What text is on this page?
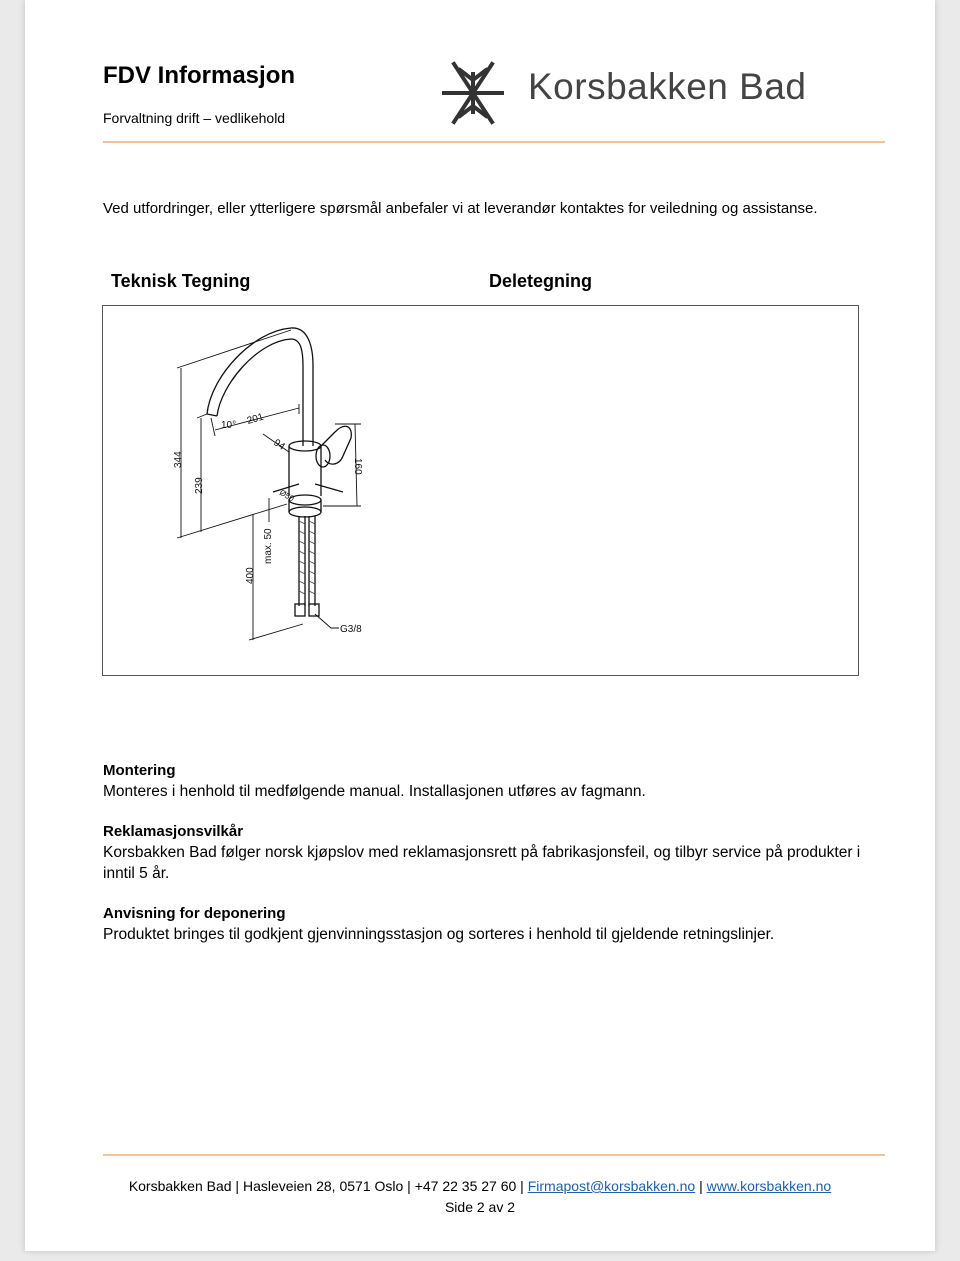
FDV Informasjon
Forvaltning drift – vedlikehold
Korsbakken Bad
Ved utfordringer, eller ytterligere spørsmål anbefaler vi at leverandør kontaktes for veiledning og assistanse.
Teknisk Tegning	Deletegning
10° 201
344
239
94
160
Ø50
400
max. 50
G3/8
Montering
Monteres i henhold til medfølgende manual. Installasjonen utføres av fagmann.
Reklamasjonsvilkår
Korsbakken Bad følger norsk kjøpslov med reklamasjonsrett på fabrikasjonsfeil, og tilbyr service på produkter i inntil 5 år.
Anvisning for deponering
Produktet bringes til godkjent gjenvinningsstasjon og sorteres i henhold til gjeldende retningslinjer.
Korsbakken Bad | Hasleveien 28, 0571 Oslo | +47 22 35 27 60 | Firmapost@korsbakken.no | www.korsbakken.no
Side 2 av 2
